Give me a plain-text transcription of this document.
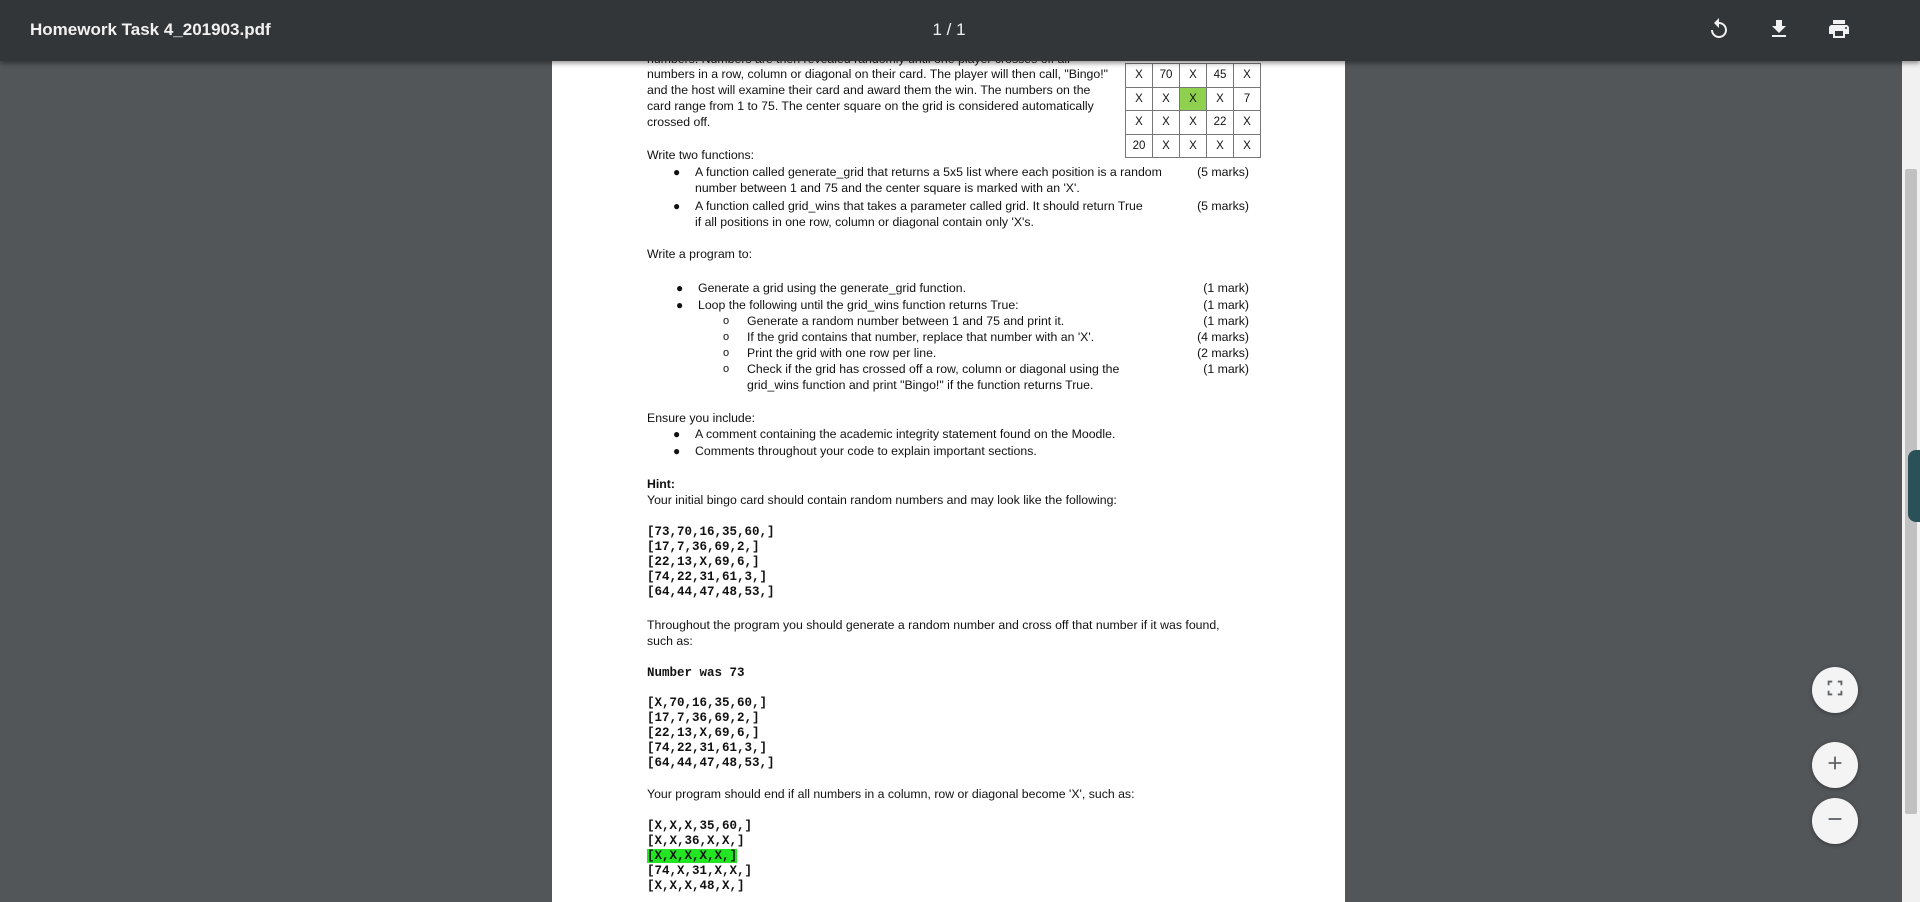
Homework Task 4_201903.pdf	1 / 1
numbers in a row, column or diagonal on their card. The player will then call, "Bingo!"
and the host will examine their card and award them the win. The numbers on the
card range from 1 to 75. The center square on the grid is considered automatically
crossed off.
X	70	X	45	X
X	X	X	X	7
X	X	X	22	X
20	X	X	X	X
Write two functions:
● A function called generate_grid that returns a 5x5 list where each position is a random
number between 1 and 75 and the center square is marked with an 'X'.
(5 marks)
● A function called grid_wins that takes a parameter called grid. It should return True
if all positions in one row, column or diagonal contain only 'X's.
(5 marks)
Write a program to:
● Generate a grid using the generate_grid function.	(1 mark)
● Loop the following until the grid_wins function returns True:	(1 mark)
o Generate a random number between 1 and 75 and print it.	(1 mark)
o If the grid contains that number, replace that number with an 'X'.	(4 marks)
o Print the grid with one row per line.	(2 marks)
o Check if the grid has crossed off a row, column or diagonal using the
grid_wins function and print "Bingo!" if the function returns True.
(1 mark)
Ensure you include:
● A comment containing the academic integrity statement found on the Moodle.
● Comments throughout your code to explain important sections.
Hint:
Your initial bingo card should contain random numbers and may look like the following:
[73,70,16,35,60,]
[17,7,36,69,2,]
[22,13,X,69,6,]
[74,22,31,61,3,]
[64,44,47,48,53,]
Throughout the program you should generate a random number and cross off that number if it was found,
such as:
Number was 73
[X,70,16,35,60,]
[17,7,36,69,2,]
[22,13,X,69,6,]
[74,22,31,61,3,]
[64,44,47,48,53,]
Your program should end if all numbers in a column, row or diagonal become 'X', such as:
[X,X,X,35,60,]
[X,X,36,X,X,]
[X,X,X,X,X,]
[74,X,31,X,X,]
[X,X,X,48,X,]
